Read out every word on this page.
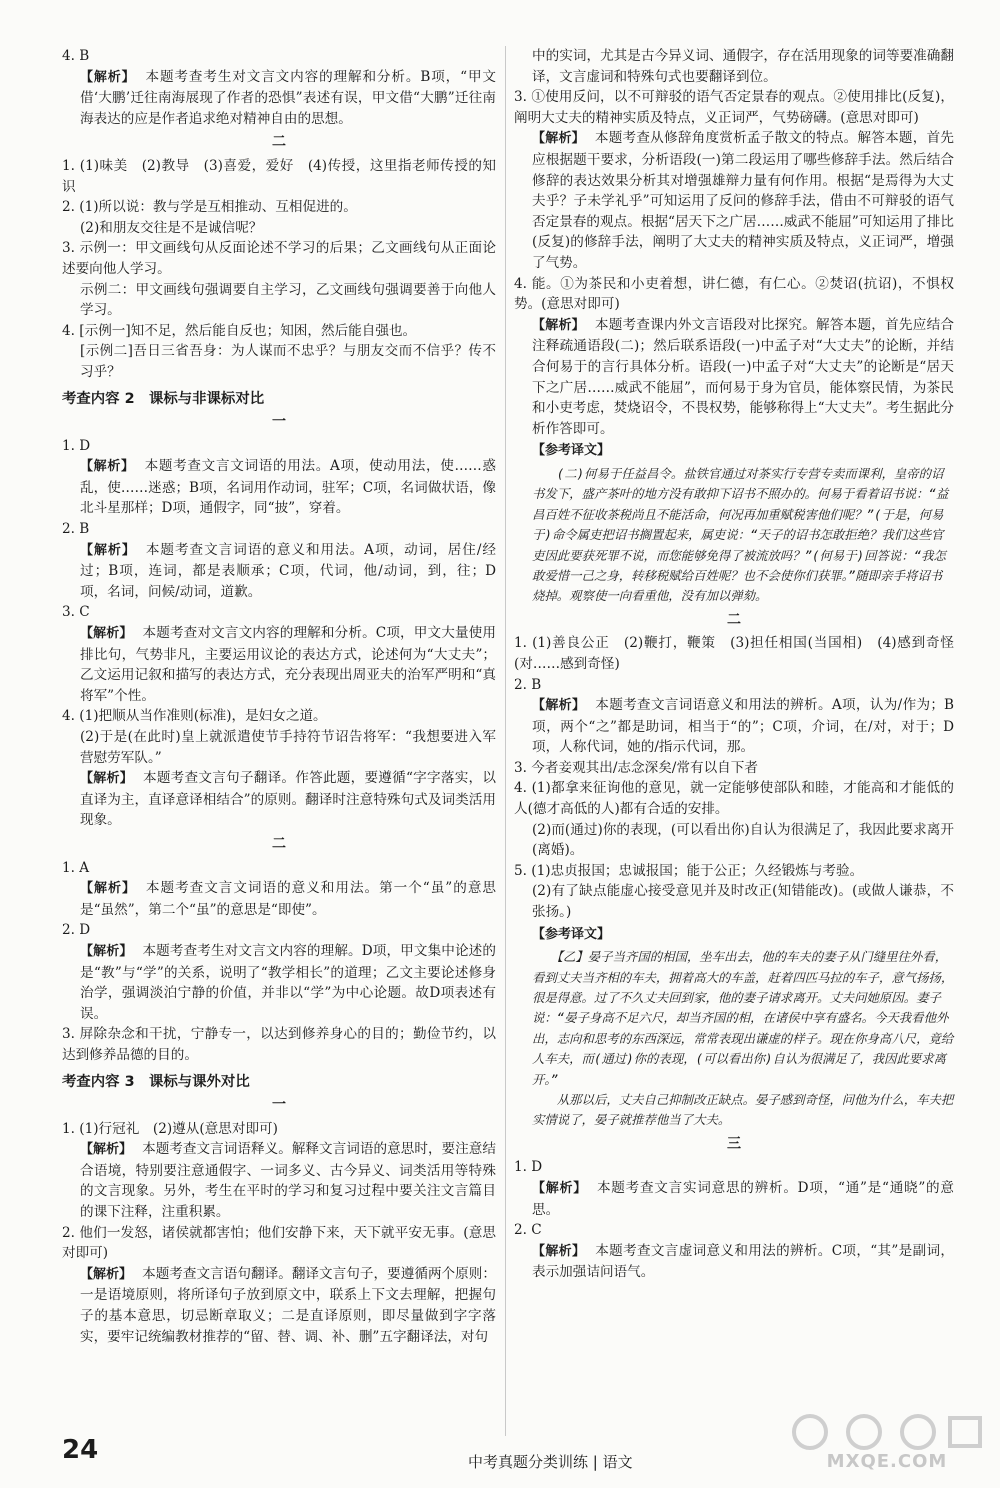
4. B
【解析】 本题考查考生对文言文内容的理解和分析。B项，“甲文借‘大鹏’迁往南海展现了作者的恐惧”表述有误，甲文借“大鹏”迁往南海表达的应是作者追求绝对精神自由的思想。
二
1. (1)味美　(2)教导　(3)喜爱，爱好　(4)传授，这里指老师传授的知识
2. (1)所以说：教与学是互相推动、互相促进的。
(2)和朋友交往是不是诚信呢？
3. 示例一：甲文画线句从反面论述不学习的后果；乙文画线句从正面论述要向他人学习。
示例二：甲文画线句强调要自主学习，乙文画线句强调要善于向他人学习。
4. [示例一]知不足，然后能自反也；知困，然后能自强也。
[示例二]吾日三省吾身：为人谋而不忠乎？与朋友交而不信乎？传不习乎？
考查内容 2　课标与非课标对比
一
1. D
【解析】 本题考查文言文词语的用法。A项，使动用法，使……惑乱，使……迷惑；B项，名词用作动词，驻军；C项，名词做状语，像北斗星那样；D项，通假字，同“披”，穿着。
2. B
【解析】 本题考查文言词语的意义和用法。A项，动词，居住/经过；B项，连词，都是表顺承；C项，代词，他/动词，到，往；D项，名词，问候/动词，道歉。
3. C
【解析】 本题考查对文言文内容的理解和分析。C项，甲文大量使用排比句，气势非凡，主要运用议论的表达方式，论述何为“大丈夫”；乙文运用记叙和描写的表达方式，充分表现出周亚夫的治军严明和“真将军”个性。
4. (1)把顺从当作准则(标准)，是妇女之道。
(2)于是(在此时)皇上就派遣使节手持符节诏告将军：“我想要进入军营慰劳军队。”
【解析】 本题考查文言句子翻译。作答此题，要遵循“字字落实，以直译为主，直译意译相结合”的原则。翻译时注意特殊句式及词类活用现象。
二
1. A
【解析】 本题考查文言文词语的意义和用法。第一个“虽”的意思是“虽然”，第二个“虽”的意思是“即使”。
2. D
【解析】 本题考查考生对文言文内容的理解。D项，甲文集中论述的是“教”与“学”的关系，说明了“教学相长”的道理；乙文主要论述修身治学，强调淡泊宁静的价值，并非以“学”为中心论题。故D项表述有误。
3. 屏除杂念和干扰，宁静专一，以达到修养身心的目的；勤俭节约，以达到修养品德的目的。
考查内容 3　课标与课外对比
一
1. (1)行冠礼　(2)遵从(意思对即可)
【解析】 本题考查文言词语释义。解释文言词语的意思时，要注意结合语境，特别要注意通假字、一词多义、古今异义、词类活用等特殊的文言现象。另外，考生在平时的学习和复习过程中要关注文言篇目的课下注释，注重积累。
2. 他们一发怒，诸侯就都害怕；他们安静下来，天下就平安无事。(意思对即可)
【解析】 本题考查文言语句翻译。翻译文言句子，要遵循两个原则：一是语境原则，将所译句子放到原文中，联系上下文去理解，把握句子的基本意思，切忌断章取义；二是直译原则，即尽量做到字字落实，要牢记统编教材推荐的“留、替、调、补、删”五字翻译法，对句
中的实词，尤其是古今异义词、通假字，存在活用现象的词等要准确翻译，文言虚词和特殊句式也要翻译到位。
3. ①使用反问，以不可辩驳的语气否定景春的观点。②使用排比(反复)，阐明大丈夫的精神实质及特点，义正词严，气势磅礴。(意思对即可)
【解析】 本题考查从修辞角度赏析孟子散文的特点。解答本题，首先应根据题干要求，分析语段(一)第二段运用了哪些修辞手法。然后结合修辞的表达效果分析其对增强雄辩力量有何作用。根据“是焉得为大丈夫乎？子未学礼乎”可知运用了反问的修辞手法，借由不可辩驳的语气否定景春的观点。根据“居天下之广居……威武不能屈”可知运用了排比(反复)的修辞手法，阐明了大丈夫的精神实质及特点，义正词严，增强了气势。
4. 能。①为茶民和小吏着想，讲仁德，有仁心。②焚诏(抗诏)，不惧权势。(意思对即可)
【解析】 本题考查课内外文言语段对比探究。解答本题，首先应结合注释疏通语段(二)；然后联系语段(一)中孟子对“大丈夫”的论断，并结合何易于的言行具体分析。语段(一)中孟子对“大丈夫”的论断是“居天下之广居……威武不能屈”，而何易于身为官员，能体察民情，为茶民和小吏考虑，焚烧诏令，不畏权势，能够称得上“大丈夫”。考生据此分析作答即可。
【参考译文】
　　(二)何易于任益昌令。盐铁官通过对茶实行专营专卖而课利，皇帝的诏书发下，盛产茶叶的地方没有敢抑下诏书不照办的。何易于看着诏书说：“益昌百姓不征收茶税尚且不能活命，何况再加重赋税害他们呢？”(于是，何易于)命令属吏把诏书搁置起来，属吏说：“天子的诏书怎敢拒绝？我们这些官吏因此要获死罪不说，而您能够免得了被流放吗？”(何易于)回答说：“我怎敢爱惜一己之身，转移税赋给百姓呢？也不会使你们获罪。”随即亲手将诏书烧掉。观察使一向看重他，没有加以弹劾。
二
1. (1)善良公正　(2)鞭打，鞭策　(3)担任相国(当国相)　(4)感到奇怪(对……感到奇怪)
2. B
【解析】 本题考查文言词语意义和用法的辨析。A项，认为/作为；B项，两个“之”都是助词，相当于“的”；C项，介词，在/对，对于；D项，人称代词，她的/指示代词，那。
3. 今者妾观其出/志念深矣/常有以自下者
4. (1)都拿来征询他的意见，就一定能够使部队和睦，才能高和才能低的人(德才高低的人)都有合适的安排。
(2)而(通过)你的表现，(可以看出你)自认为很满足了，我因此要求离开(离婚)。
5. (1)忠贞报国；忠诚报国；能于公正；久经锻炼与考验。
(2)有了缺点能虚心接受意见并及时改正(知错能改)。(或做人谦恭，不张扬。)
【参考译文】
　　【乙】晏子当齐国的相国，坐车出去，他的车夫的妻子从门缝里往外看，看到丈夫当齐相的车夫，拥着高大的车盖，赶着四匹马拉的车子，意气扬扬，很是得意。过了不久丈夫回到家，他的妻子请求离开。丈夫问她原因。妻子说：“晏子身高不足六尺，却当齐国的相，在诸侯中享有盛名。今天我看他外出，志向和思考的东西深远，常常表现出谦虚的样子。现在你身高八尺，竟给人车夫，而(通过)你的表现，(可以看出你)自认为很满足了，我因此要求离开。”
　　从那以后，丈夫自己抑制改正缺点。晏子感到奇怪，问他为什么，车夫把实情说了，晏子就推荐他当了大夫。
三
1. D
【解析】 本题考查文言实词意思的辨析。D项，“通”是“通晓”的意思。
2. C
【解析】 本题考查文言虚词意义和用法的辨析。C项，“其”是副词，表示加强诘问语气。
24	中考真题分类训练 | 语文	MXQE.COM
